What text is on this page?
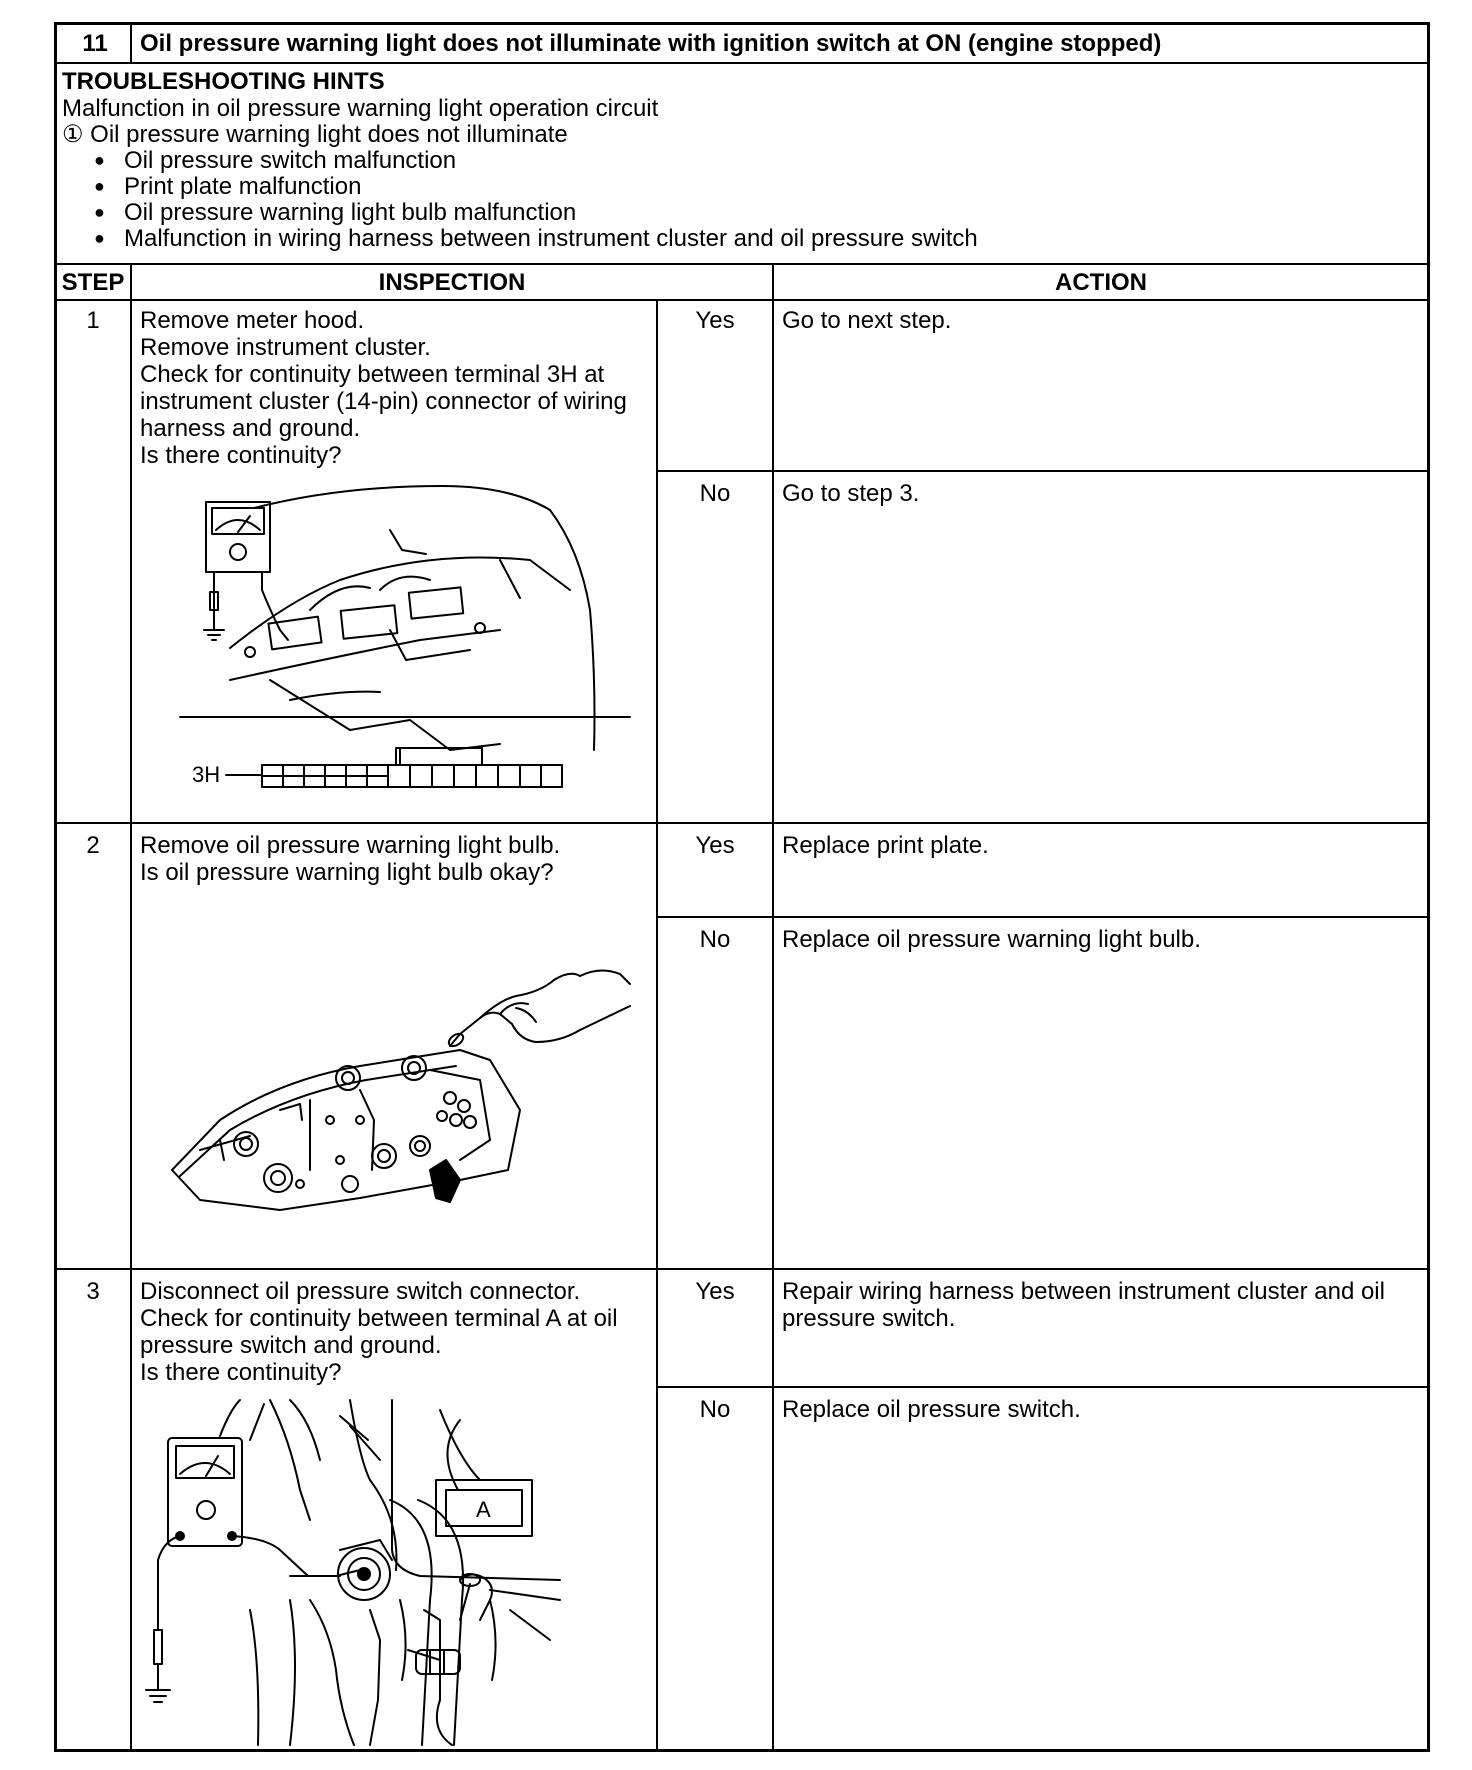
11	Oil pressure warning light does not illuminate with ignition switch at ON (engine stopped)
TROUBLESHOOTING HINTS
Malfunction in oil pressure warning light operation circuit
① Oil pressure warning light does not illuminate
● Oil pressure switch malfunction
● Print plate malfunction
● Oil pressure warning light bulb malfunction
● Malfunction in wiring harness between instrument cluster and oil pressure switch
STEP	INSPECTION	ACTION
1	Remove meter hood.
Remove instrument cluster.
Check for continuity between terminal 3H at
instrument cluster (14-pin) connector of wiring
harness and ground.
Is there continuity?
Yes	Go to next step.
No	Go to step 3.
3H
2	Remove oil pressure warning light bulb.
Is oil pressure warning light bulb okay?
Yes	Replace print plate.
No	Replace oil pressure warning light bulb.
3	Disconnect oil pressure switch connector.
Check for continuity between terminal A at oil
pressure switch and ground.
Is there continuity?
Yes	Repair wiring harness between instrument cluster and oil
pressure switch.
No	Replace oil pressure switch.
A
